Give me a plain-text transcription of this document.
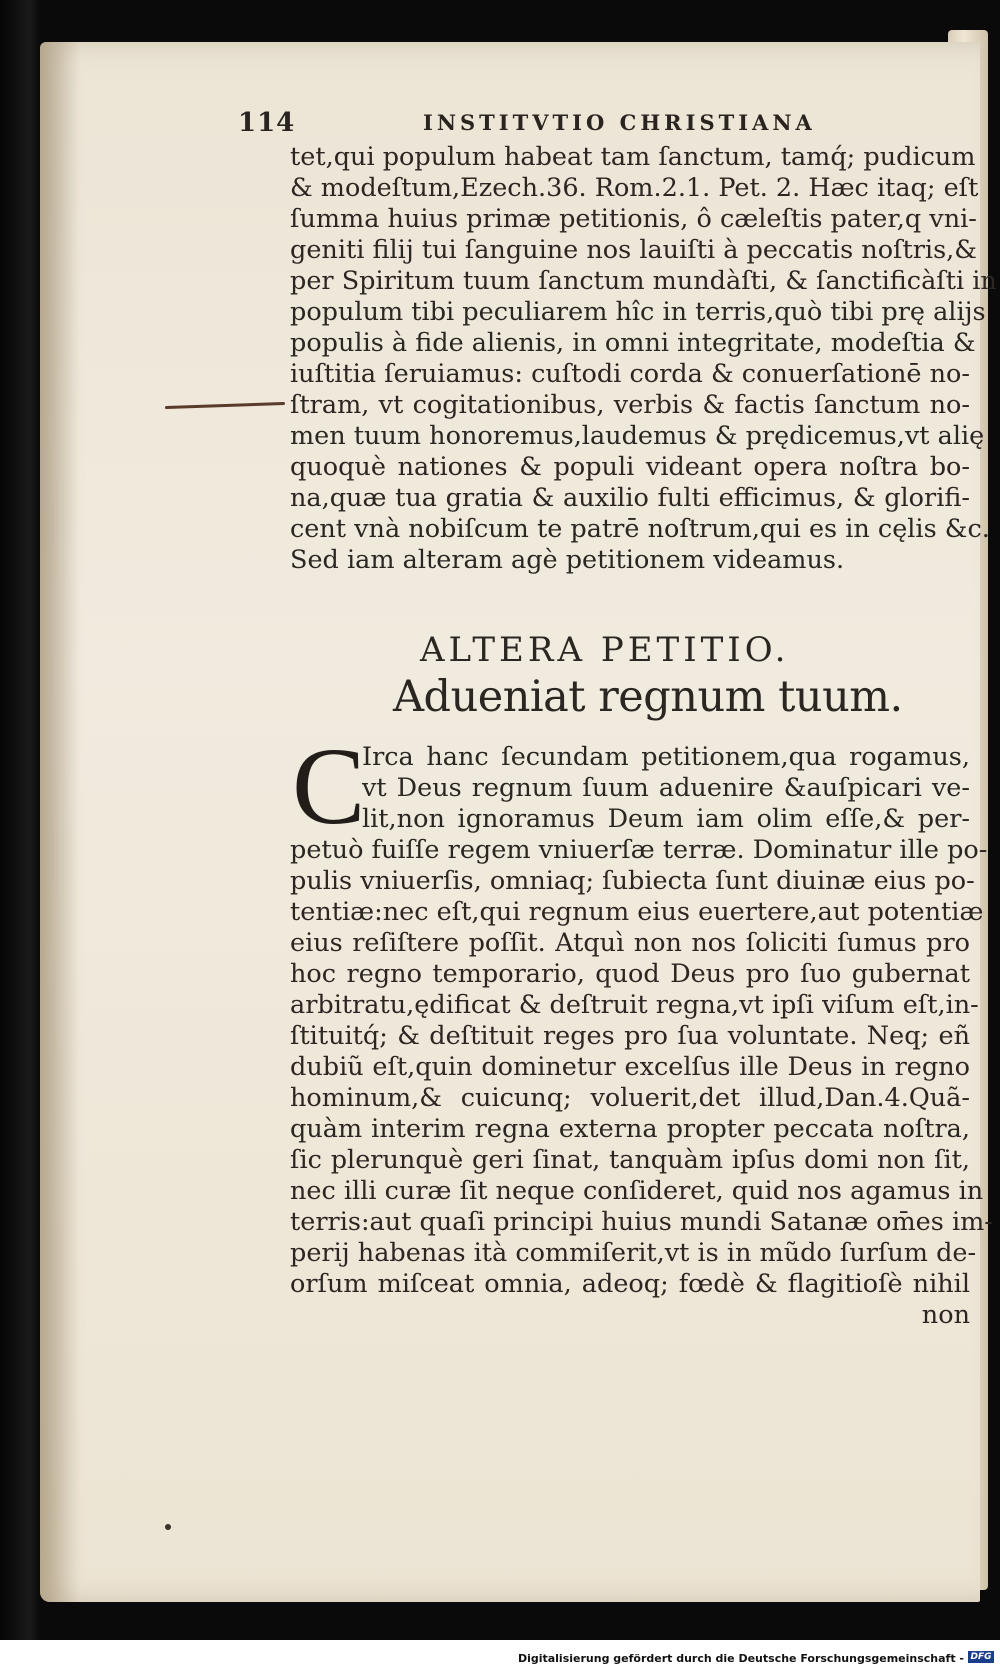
114	INSTITVTIO CHRISTIANA
tet,qui populum habeat tam ſanctum, tamq́; pudicum
& modeſtum,Ezech.36. Rom.2.1. Pet. 2. Hæc itaq; eſt
ſumma huius primæ petitionis, ô cæleſtis pater,q vni-
geniti filij tui ſanguine nos lauiſti à peccatis noſtris,&
per Spiritum tuum ſanctum mundàſti, & ſanctificàſti in
populum tibi peculiarem hîc in terris,quò tibi prę alijs
populis à fide alienis, in omni integritate, modeſtia &
iuſtitia ſeruiamus: cuſtodi corda & conuerſationē no-
ſtram, vt cogitationibus, verbis & factis ſanctum no-
men tuum honoremus,laudemus & prędicemus,vt alię
quoquè nationes & populi videant opera noſtra bo-
na,quæ tua gratia & auxilio fulti efficimus, & glorifi-
cent vnà nobiſcum te patrē noſtrum,qui es in cęlis &c.
Sed iam alteram agè petitionem videamus.
ALTERA PETITIO.
Adueniat regnum tuum.
C
Irca hanc ſecundam petitionem,qua rogamus,
vt Deus regnum ſuum aduenire &auſpicari ve-
lit,non ignoramus Deum iam olim eſſe,& per-
petuò fuiſſe regem vniuerſæ terræ. Dominatur ille po-
pulis vniuerſis, omniaq; ſubiecta ſunt diuinæ eius po-
tentiæ:nec eſt,qui regnum eius euertere,aut potentiæ
eius reſiſtere poſſit. Atquì non nos ſoliciti ſumus pro
hoc regno temporario, quod Deus pro ſuo gubernat
arbitratu,ędificat & deſtruit regna,vt ipſi viſum eſt,in-
ſtituitq́; & deſtituit reges pro ſua voluntate. Neq; eñ
dubiũ eſt,quin dominetur excelſus ille Deus in regno
hominum,& cuicunq; voluerit,det illud,Dan.4.Quã-
quàm interim regna externa propter peccata noſtra,
ſic plerunquè geri ſinat, tanquàm ipſus domi non ſit,
nec illi curæ ſit neque conſideret, quid nos agamus in
terris:aut quaſi principi huius mundi Satanæ om̄es im-
perij habenas ità commiſerit,vt is in mũdo ſurſum de-
orſum miſceat omnia, adeoq; fœdè & flagitioſè nihil
non
Digitalisierung gefördert durch die Deutsche Forschungsgemeinschaft - DFG
